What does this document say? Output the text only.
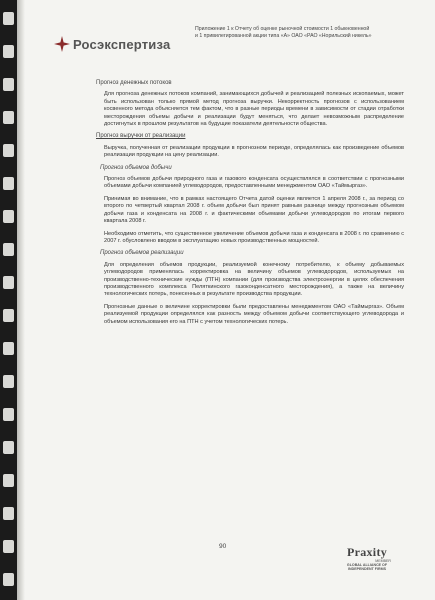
Росэкспертиза
Приложение 1 к Отчету об оценке рыночной стоимости 1 обыкновенной
и 1 привилегированной акции типа «А» ОАО «РАО «Норильский никель»
Прогноз денежных потоков

Для прогноза денежных потоков компаний, занимающихся добычей и реализацией полезных ископаемых, может быть использован только прямой метод прогноза выручки. Некорректность прогнозов с использованием косвенного метода объясняется тем фактом, что в разные периоды времени в зависимости от стадии отработки месторождения объемы добычи и реализации будут меняться, что делает невозможным распределение достигнутых в прошлом результатов на будущие показатели деятельности общества.

Прогноз выручки от реализации

Выручка, полученная от реализации продукции в прогнозном периоде, определялась как произведение объемов реализации продукции на цену реализации.

Прогноз объемов добычи

Прогноз объемов добычи природного газа и газового конденсата осуществлялся в соответствии с прогнозными объемами добычи компанией углеводородов, предоставленными менеджментом ОАО «Таймыргаз».

Принимая во внимание, что в рамках настоящего Отчета датой оценки является 1 апреля 2008 г., за период со второго по четвертый квартал 2008 г. объем добычи был принят равным разнице между прогнозным объемом добычи газа и конденсата на 2008 г. и фактическими объемами добычи углеводородов по итогам первого квартала 2008 г.

Необходимо отметить, что существенное увеличение объемов добычи газа и конденсата в 2008 г. по сравнению с 2007 г. обусловлено вводом в эксплуатацию новых производственных мощностей.

Прогноз объемов реализации

Для определения объемов продукции, реализуемой конечному потребителю, к объему добываемых углеводородов применялась корректировка на величину объемов углеводородов, используемых на производственно-технические нужды (ПТН) компании (для производства электроэнергии в целях обеспечения производственного комплекса Пеляткинского газоконденсатного месторождения), а также на величину технологических потерь, понесенных в результате производства продукции.

Прогнозные данные о величине корректировки были предоставлены менеджментом ОАО «Таймыргаз». Объем реализуемой продукции определялся как разность между объемом добычи соответствующего углеводорода и объемом использования его на ПТН с учетом технологических потерь.

90	Praxity
MEMBER
GLOBAL ALLIANCE OF
INDEPENDENT FIRMS
